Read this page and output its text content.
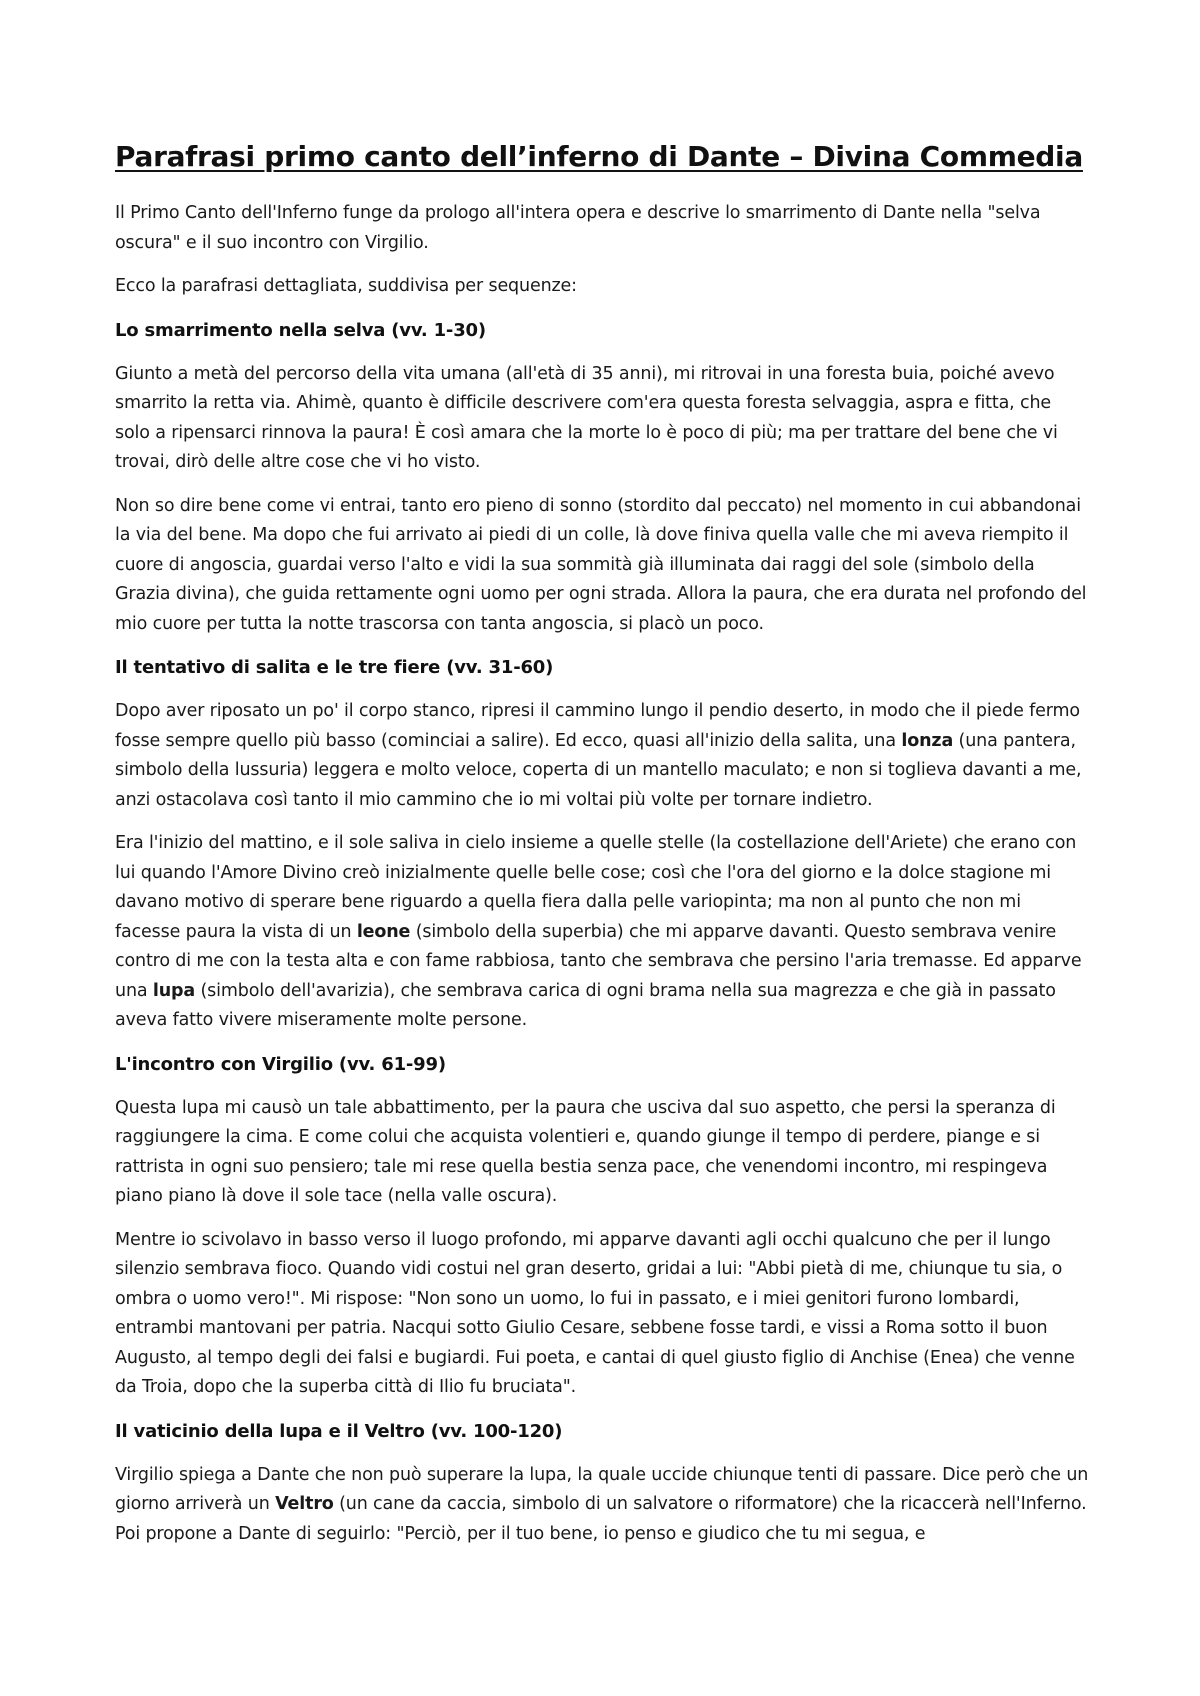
Parafrasi primo canto dell’inferno di Dante – Divina Commedia

Il Primo Canto dell'Inferno funge da prologo all'intera opera e descrive lo smarrimento di Dante nella "selva oscura" e il suo incontro con Virgilio.

Ecco la parafrasi dettagliata, suddivisa per sequenze:

Lo smarrimento nella selva (vv. 1-30)

Giunto a metà del percorso della vita umana (all'età di 35 anni), mi ritrovai in una foresta buia, poiché avevo smarrito la retta via. Ahimè, quanto è difficile descrivere com'era questa foresta selvaggia, aspra e fitta, che solo a ripensarci rinnova la paura! È così amara che la morte lo è poco di più; ma per trattare del bene che vi trovai, dirò delle altre cose che vi ho visto.

Non so dire bene come vi entrai, tanto ero pieno di sonno (stordito dal peccato) nel momento in cui abbandonai la via del bene. Ma dopo che fui arrivato ai piedi di un colle, là dove finiva quella valle che mi aveva riempito il cuore di angoscia, guardai verso l'alto e vidi la sua sommità già illuminata dai raggi del sole (simbolo della Grazia divina), che guida rettamente ogni uomo per ogni strada. Allora la paura, che era durata nel profondo del mio cuore per tutta la notte trascorsa con tanta angoscia, si placò un poco.

Il tentativo di salita e le tre fiere (vv. 31-60)

Dopo aver riposato un po' il corpo stanco, ripresi il cammino lungo il pendio deserto, in modo che il piede fermo fosse sempre quello più basso (cominciai a salire). Ed ecco, quasi all'inizio della salita, una lonza (una pantera, simbolo della lussuria) leggera e molto veloce, coperta di un mantello maculato; e non si toglieva davanti a me, anzi ostacolava così tanto il mio cammino che io mi voltai più volte per tornare indietro.

Era l'inizio del mattino, e il sole saliva in cielo insieme a quelle stelle (la costellazione dell'Ariete) che erano con lui quando l'Amore Divino creò inizialmente quelle belle cose; così che l'ora del giorno e la dolce stagione mi davano motivo di sperare bene riguardo a quella fiera dalla pelle variopinta; ma non al punto che non mi facesse paura la vista di un leone (simbolo della superbia) che mi apparve davanti. Questo sembrava venire contro di me con la testa alta e con fame rabbiosa, tanto che sembrava che persino l'aria tremasse. Ed apparve una lupa (simbolo dell'avarizia), che sembrava carica di ogni brama nella sua magrezza e che già in passato aveva fatto vivere miseramente molte persone.

L'incontro con Virgilio (vv. 61-99)

Questa lupa mi causò un tale abbattimento, per la paura che usciva dal suo aspetto, che persi la speranza di raggiungere la cima. E come colui che acquista volentieri e, quando giunge il tempo di perdere, piange e si rattrista in ogni suo pensiero; tale mi rese quella bestia senza pace, che venendomi incontro, mi respingeva piano piano là dove il sole tace (nella valle oscura).

Mentre io scivolavo in basso verso il luogo profondo, mi apparve davanti agli occhi qualcuno che per il lungo silenzio sembrava fioco. Quando vidi costui nel gran deserto, gridai a lui: "Abbi pietà di me, chiunque tu sia, o ombra o uomo vero!". Mi rispose: "Non sono un uomo, lo fui in passato, e i miei genitori furono lombardi, entrambi mantovani per patria. Nacqui sotto Giulio Cesare, sebbene fosse tardi, e vissi a Roma sotto il buon Augusto, al tempo degli dei falsi e bugiardi. Fui poeta, e cantai di quel giusto figlio di Anchise (Enea) che venne da Troia, dopo che la superba città di Ilio fu bruciata".

Il vaticinio della lupa e il Veltro (vv. 100-120)

Virgilio spiega a Dante che non può superare la lupa, la quale uccide chiunque tenti di passare. Dice però che un giorno arriverà un Veltro (un cane da caccia, simbolo di un salvatore o riformatore) che la ricaccerà nell'Inferno. Poi propone a Dante di seguirlo: "Perciò, per il tuo bene, io penso e giudico che tu mi segua, e
